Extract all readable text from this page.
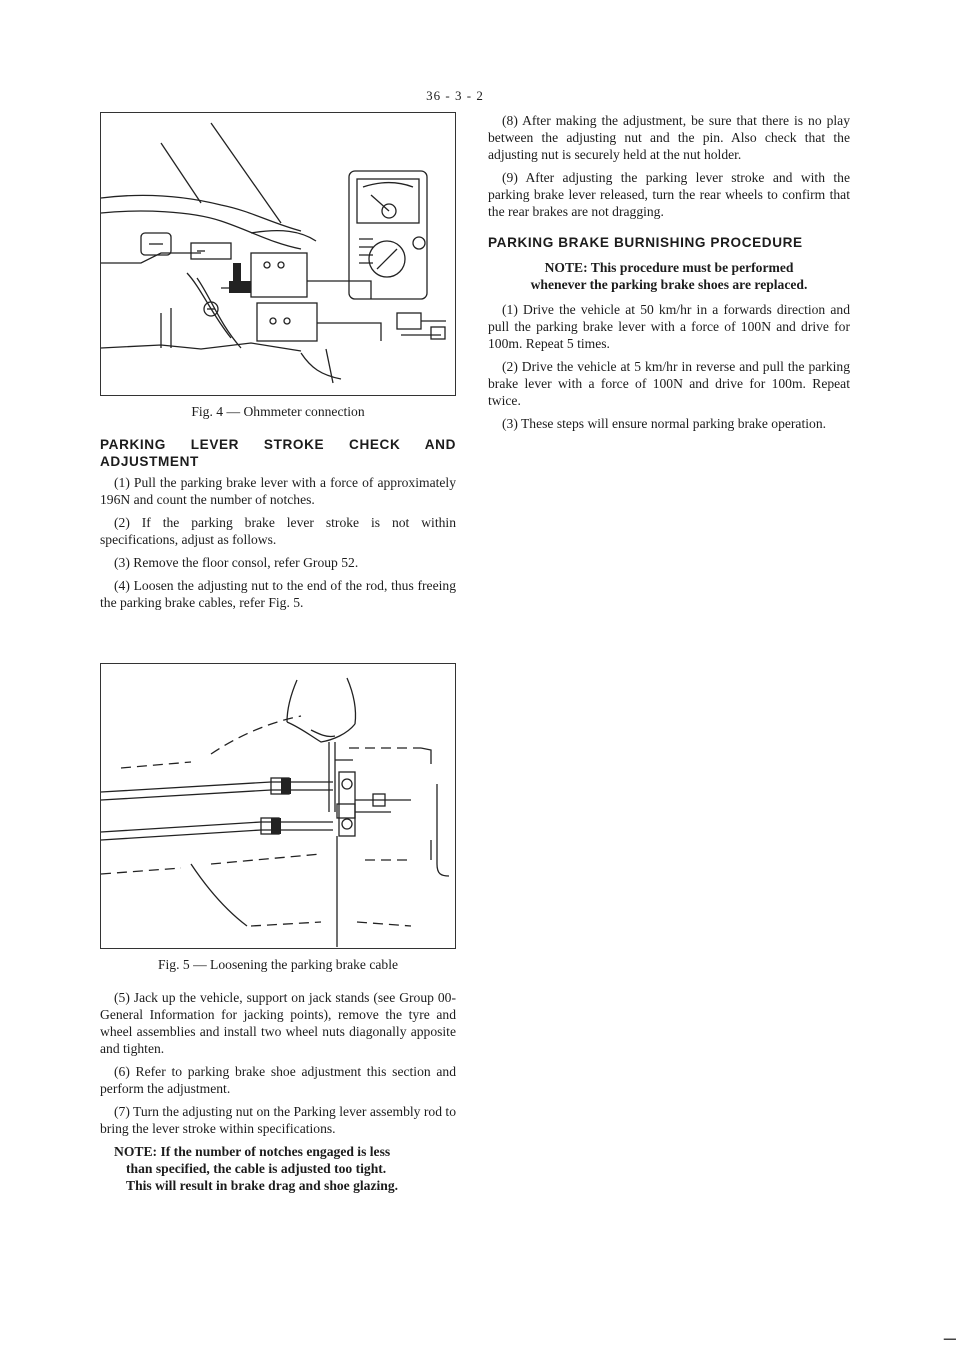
36 - 3 - 2
Fig. 4 — Ohmmeter connection
PARKING LEVER STROKE CHECK AND ADJUSTMENT

(1) Pull the parking brake lever with a force of approximately 196N and count the number of notches.

(2) If the parking brake lever stroke is not within specifications, adjust as follows.

(3) Remove the floor consol, refer Group 52.

(4) Loosen the adjusting nut to the end of the rod, thus freeing the parking brake cables, refer Fig. 5.

Fig. 5 — Loosening the parking brake cable

(5) Jack up the vehicle, support on jack stands (see Group 00-General Information for jacking points), remove the tyre and wheel assemblies and install two wheel nuts diagonally apposite and tighten.

(6) Refer to parking brake shoe adjustment this section and perform the adjustment.

(7) Turn the adjusting nut on the Parking lever assembly rod to bring the lever stroke within specifications.

NOTE: If the number of notches engaged is less
than specified, the cable is adjusted too tight.
This will result in brake drag and shoe glazing.

(8) After making the adjustment, be sure that there is no play between the adjusting nut and the pin. Also check that the adjusting nut is securely held at the nut holder.

(9) After adjusting the parking lever stroke and with the parking brake lever released, turn the rear wheels to confirm that the rear brakes are not dragging.

PARKING BRAKE BURNISHING PROCEDURE
NOTE: This procedure must be performed
whenever the parking brake shoes are replaced.

(1) Drive the vehicle at 50 km/hr in a forwards direction and pull the parking brake lever with a force of 100N and drive for 100m. Repeat 5 times.

(2) Drive the vehicle at 5 km/hr in reverse and pull the parking brake lever with a force of 100N and drive for 100m. Repeat twice.

(3) These steps will ensure normal parking brake operation.

–
